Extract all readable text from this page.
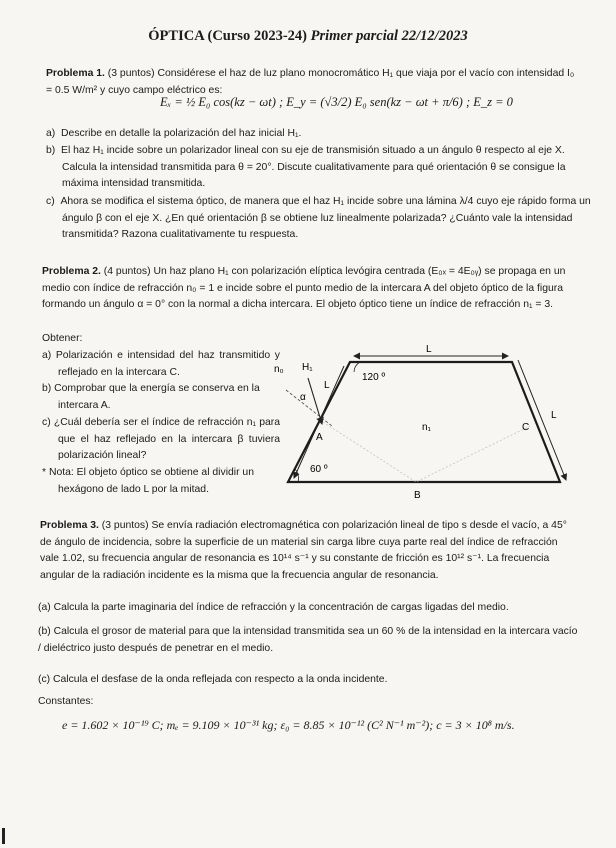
ÓPTICA (Curso 2023-24) Primer parcial 22/12/2023
Problema 1. (3 puntos) Considérese el haz de luz plano monocromático H₁ que viaja por el vacío con intensidad I₀ = 0.5 W/m² y cuyo campo eléctrico es:
Eₓ = ½ E₀ cos(kz − ωt) ; E_y = (√3/2) E₀ sen(kz − ωt + π/6) ; E_z = 0
a) Describe en detalle la polarización del haz inicial H₁.
b) El haz H₁ incide sobre un polarizador lineal con su eje de transmisión situado a un ángulo θ respecto al eje X. Calcula la intensidad transmitida para θ = 20°. Discute cualitativamente para qué orientación θ se consigue la máxima intensidad transmitida.
c) Ahora se modifica el sistema óptico, de manera que el haz H₁ incide sobre una lámina λ/4 cuyo eje rápido forma un ángulo β con el eje X. ¿En qué orientación β se obtiene luz linealmente polarizada? ¿Cuánto vale la intensidad transmitida? Razona cualitativamente tu respuesta.
Problema 2. (4 puntos) Un haz plano H₁ con polarización elíptica levógira centrada (E₀ₓ = 4E₀ᵧ) se propaga en un medio con índice de refracción n₀ = 1 e incide sobre el punto medio de la intercara A del objeto óptico de la figura formando un ángulo α = 0° con la normal a dicha intercara. El objeto óptico tiene un índice de refracción n₁ = 3.
Obtener:
a) Polarización e intensidad del haz transmitido y reflejado en la intercara C.
b) Comprobar que la energía se conserva en la intercara A.
c) ¿Cuál debería ser el índice de refracción n₁ para que el haz reflejado en la intercara β tuviera polarización lineal?
* Nota: El objeto óptico se obtiene al dividir un hexágono de lado L por la mitad.
L
L
L
120 º
60 º
n₀ H₁
α
A
n₁
B
C
Problema 3. (3 puntos) Se envía radiación electromagnética con polarización lineal de tipo s desde el vacío, a 45° de ángulo de incidencia, sobre la superficie de un material sin carga libre cuya parte real del índice de refracción vale 1.02, su frecuencia angular de resonancia es 10¹⁴ s⁻¹ y su constante de fricción es 10¹² s⁻¹. La frecuencia angular de la radiación incidente es la misma que la frecuencia angular de resonancia.
(a) Calcula la parte imaginaria del índice de refracción y la concentración de cargas ligadas del medio.
(b) Calcula el grosor de material para que la intensidad transmitida sea un 60 % de la intensidad en la intercara vacío / dieléctrico justo después de penetrar en el medio.
(c) Calcula el desfase de la onda reflejada con respecto a la onda incidente.
Constantes:
e = 1.602 × 10⁻¹⁹ C; mₑ = 9.109 × 10⁻³¹ kg; ε₀ = 8.85 × 10⁻¹² (C² N⁻¹ m⁻²); c = 3 × 10⁸ m/s.
